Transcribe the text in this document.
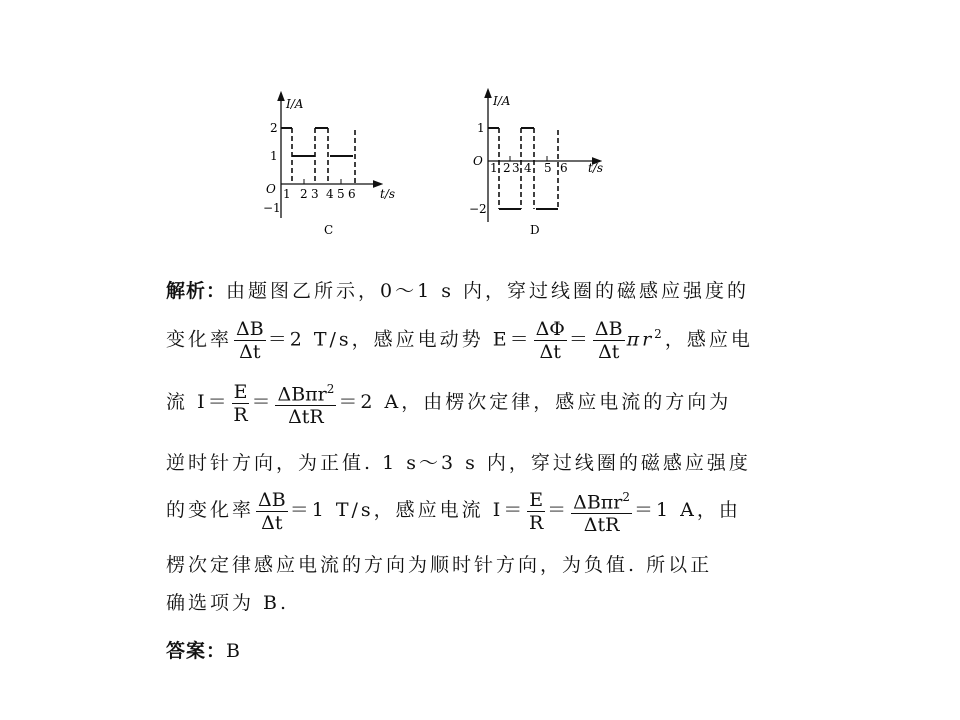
I/A
2
1
−1
O 1 2 3 4 5 6 t/s
C
I/A
1
−2
O 1 2 3 4 5 6 t/s
D
解析：由题图乙所示，0～1 s 内，穿过线圈的磁感应强度的
变化率 $\frac{\Delta B}{\Delta t} =2$ T/s，感应电动势 $E= \frac{\Delta\Phi}{\Delta t} = \frac{\Delta B}{\Delta t} \pi r^2$，感应电
流 $I= \frac{E}{R} = \frac{\Delta B\pi r^2}{\text{ΔtR}} =2$ A，由楞次定律，感应电流的方向为
逆时针方向，为正值. 1 s～3 s 内，穿过线圈的磁感应强度
的变化率 $\frac{\Delta B}{\Delta t} =1$ T/s，感应电流 $I= \frac{E}{R} = \frac{\Delta B\pi r^2}{\text{ΔtR}} =1$ A，由
楞次定律感应电流的方向为顺时针方向，为负值. 所以正
确选项为 B.
答案：B
